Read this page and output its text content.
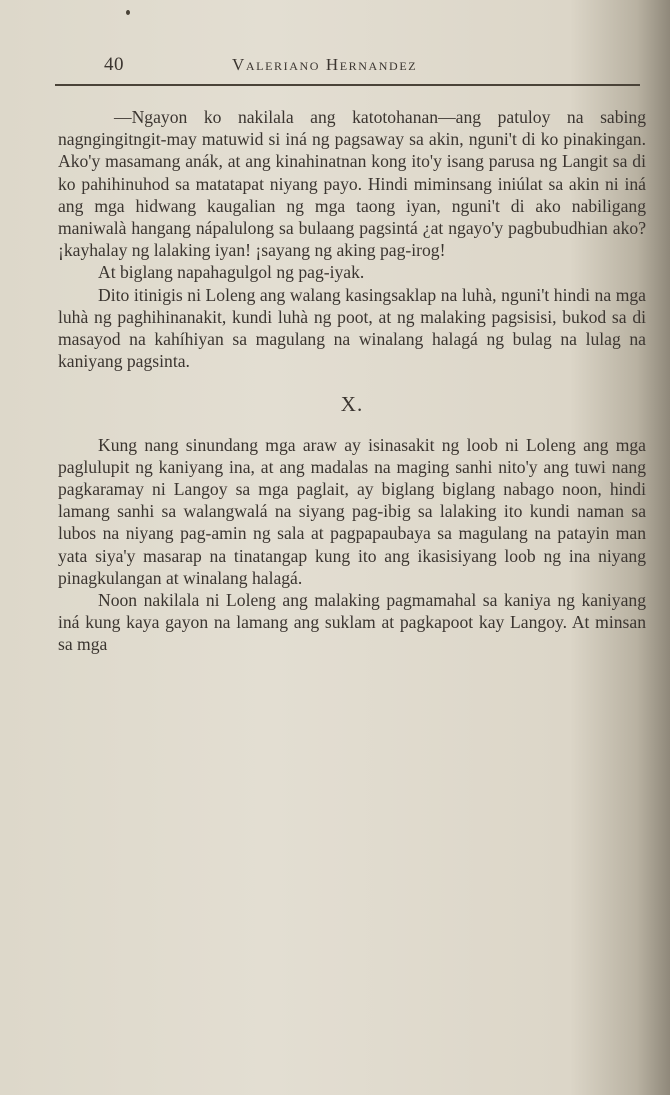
40	Valeriano Hernandez

—Ngayon ko nakilala ang katotohanan—ang patuloy na sabing nagngingitngit-may matuwid si iná ng pagsaway sa akin, nguni't di ko pinakingan. Ako'y masamang anák, at ang kinahinatnan kong ito'y isang parusa ng Langit sa di ko pahihinuhod sa matatapat niyang payo. Hindi miminsang iniúlat sa akin ni iná ang mga hidwang kaugalian ng mga taong iyan, nguni't di ako nabiligang maniwalà hangang nápalulong sa bulaang pagsintá ¿at ngayo'y pagbubudhian ako? ¡kayhalay ng lalaking iyan! ¡sayang ng aking pag-irog!

At biglang napahagulgol ng pag-iyak.

Dito itinigis ni Loleng ang walang kasingsaklap na luhà, nguni't hindi na mga luhà ng paghihinanakit, kundi luhà ng poot, at ng malaking pagsisisi, bukod sa di masayod na kahíhiyan sa magulang na winalang halagá ng bulag na lulag na kaniyang pagsinta.

X.

Kung nang sinundang mga araw ay isinasakit ng loob ni Loleng ang mga paglulupit ng kaniyang ina, at ang madalas na maging sanhi nito'y ang tuwi nang pagkaramay ni Langoy sa mga paglait, ay biglang biglang nabago noon, hindi lamang sanhi sa walangwalá na siyang pag-ibig sa lalaking ito kundi naman sa lubos na niyang pag-amin ng sala at pagpapaubaya sa magulang na patayin man yata siya'y masarap na tinatangap kung ito ang ikasisiyang loob ng ina niyang pinagkulangan at winalang halagá.

Noon nakilala ni Loleng ang malaking pagmamahal sa kaniya ng kaniyang iná kung kaya gayon na lamang ang suklam at pagkapoot kay Langoy. At minsan sa mga
